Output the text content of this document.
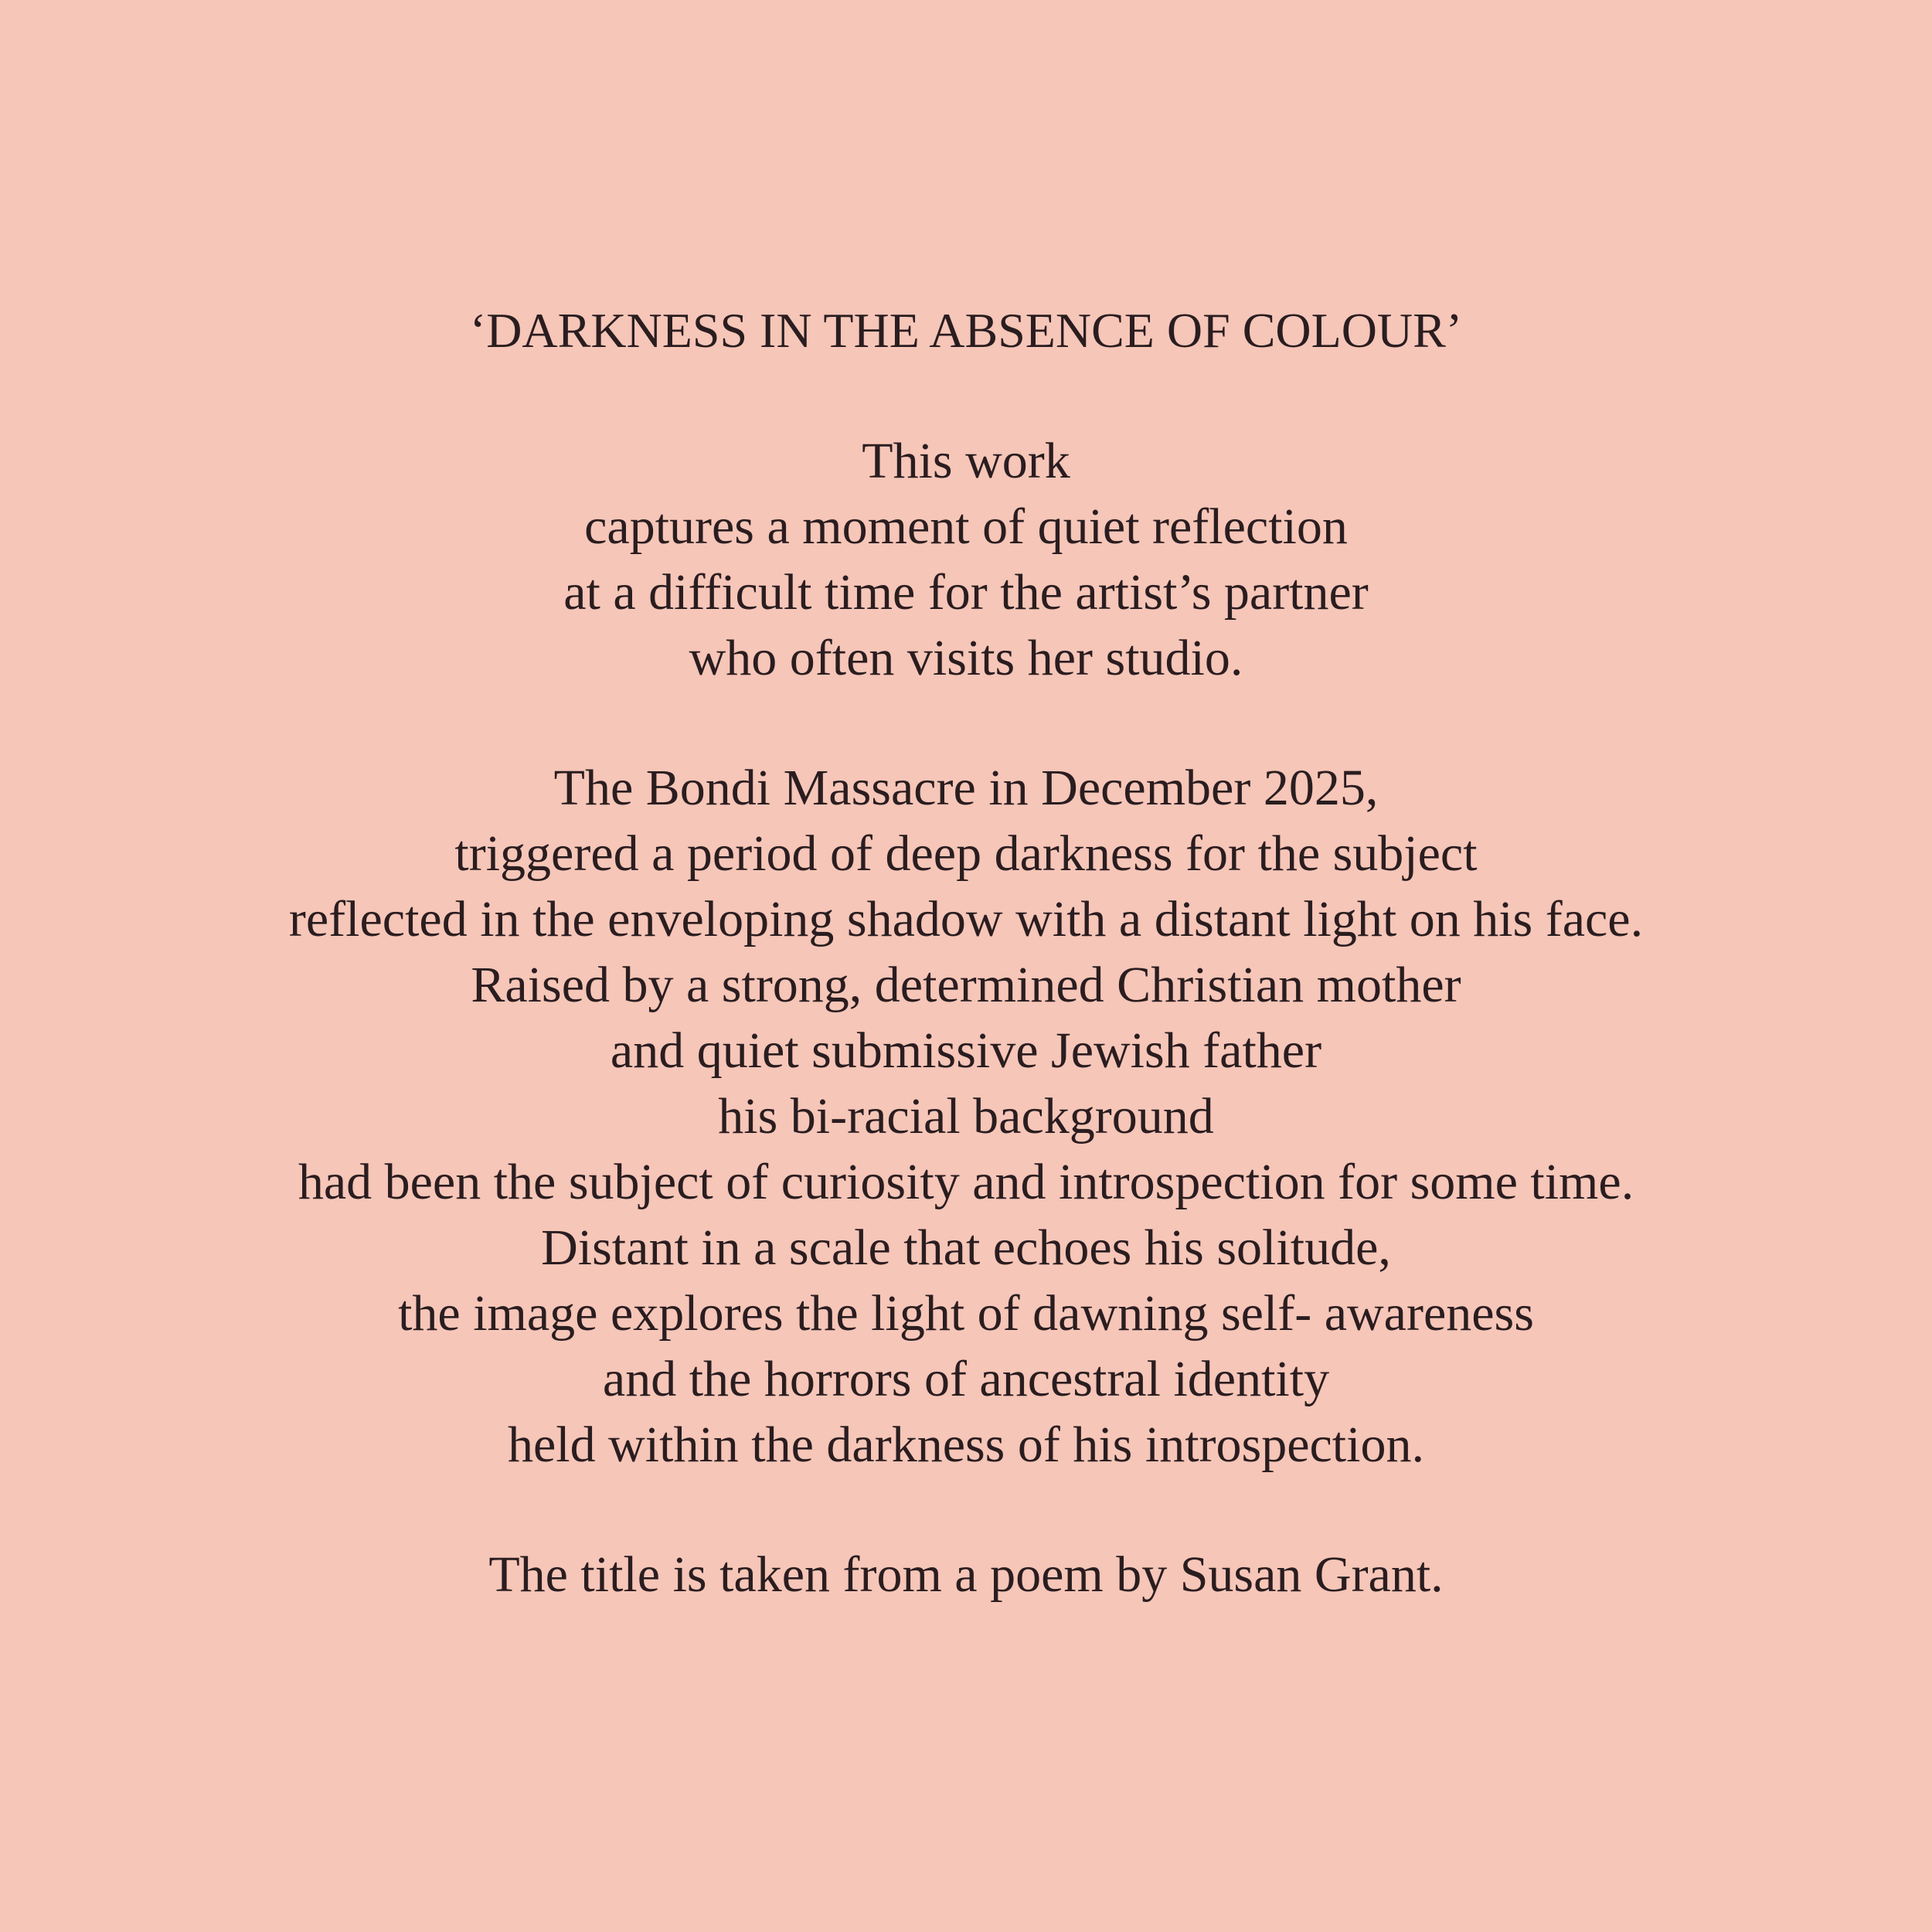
‘DARKNESS IN THE ABSENCE OF COLOUR’

This work
captures a moment of quiet reflection
at a difficult time for the artist’s partner
who often visits her studio.

The Bondi Massacre in December 2025,
triggered a period of deep darkness for the subject
reflected in the enveloping shadow with a distant light on his face.
Raised by a strong, determined Christian mother
and quiet submissive Jewish father
his bi-racial background
had been the subject of curiosity and introspection for some time.
Distant in a scale that echoes his solitude,
the image explores the light of dawning self- awareness
and the horrors of ancestral identity
held within the darkness of his introspection.

The title is taken from a poem by Susan Grant.
